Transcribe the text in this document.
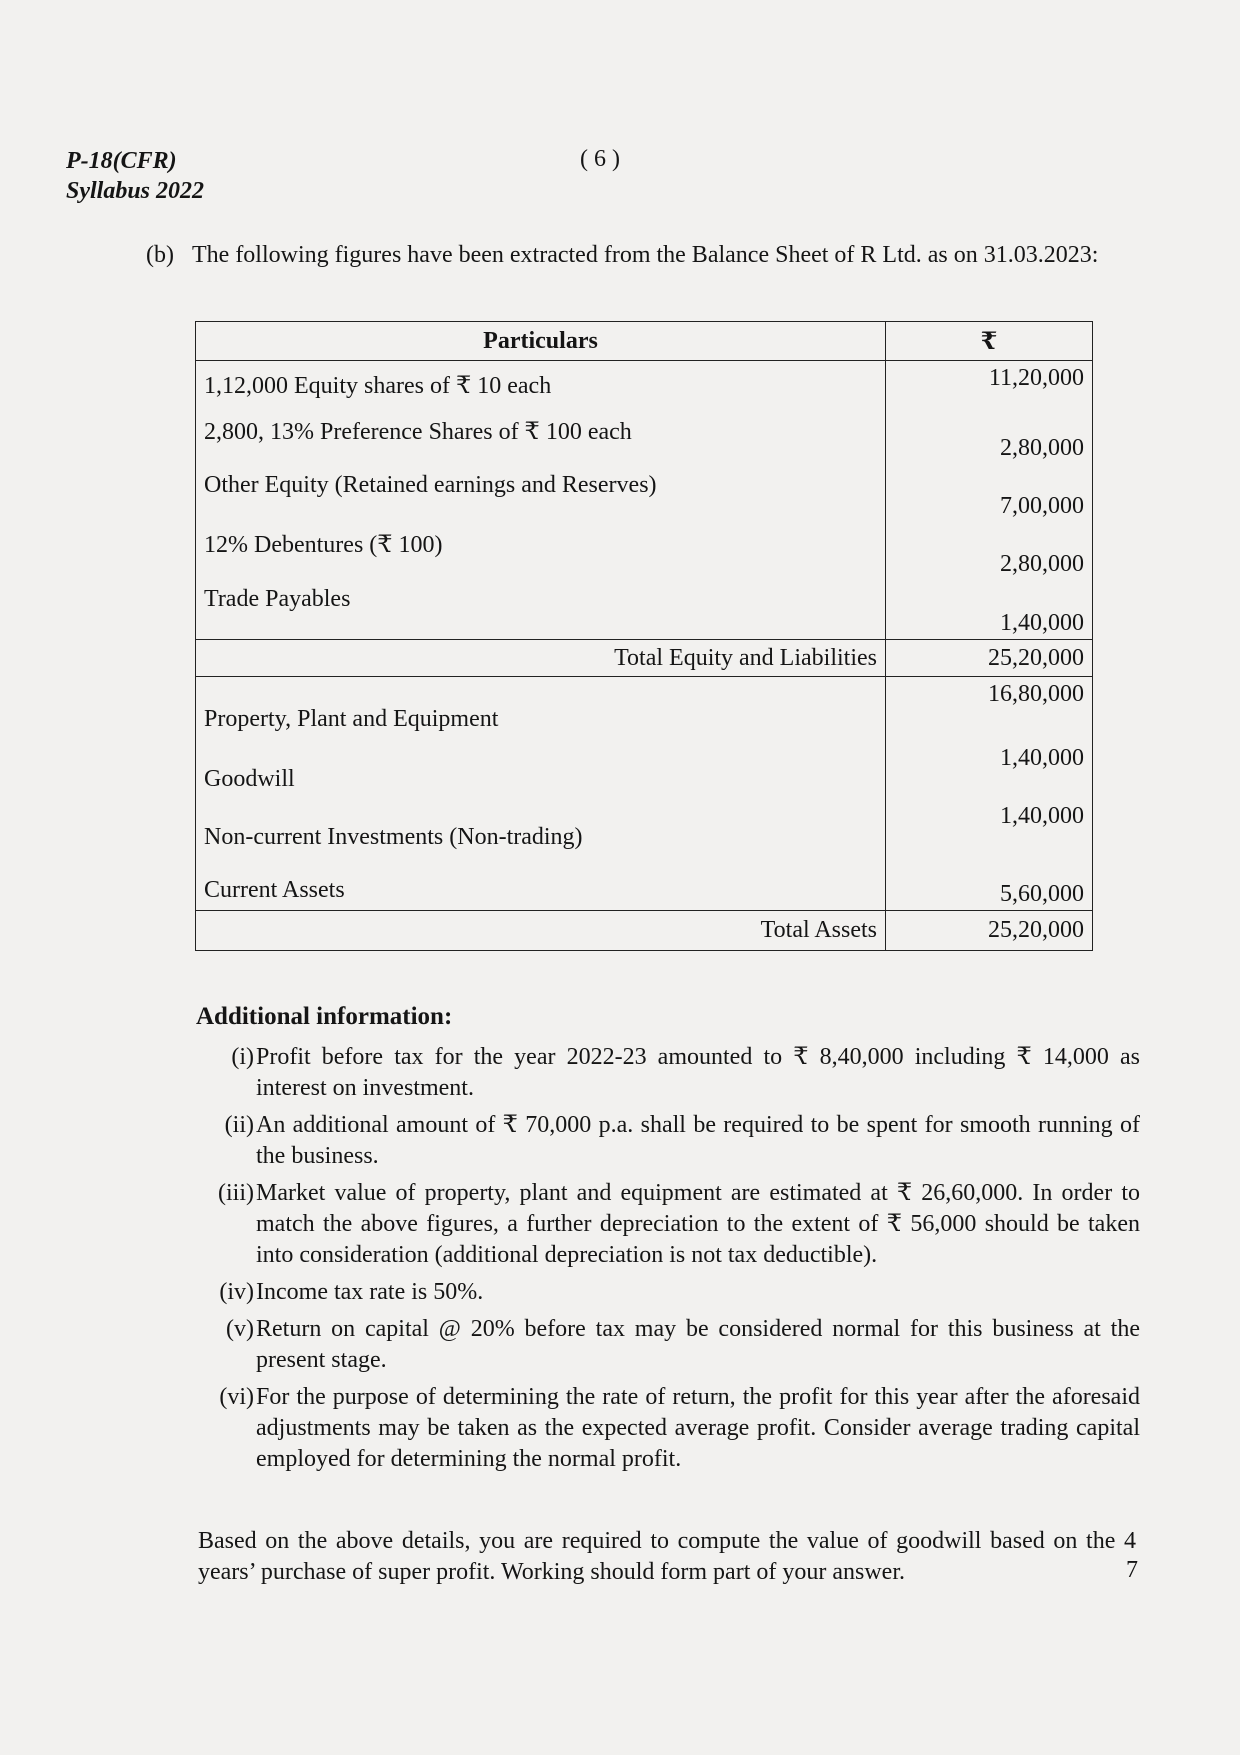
P-18(CFR)
Syllabus 2022
( 6 )
(b) The following figures have been extracted from the Balance Sheet of R Ltd. as on 31.03.2023:
Particulars	₹
1,12,000 Equity shares of ₹ 10 each	11,20,000
2,800, 13% Preference Shares of ₹ 100 each	2,80,000
Other Equity (Retained earnings and Reserves)	7,00,000
12% Debentures (₹ 100)	2,80,000
Trade Payables	1,40,000
Total Equity and Liabilities	25,20,000
Property, Plant and Equipment	16,80,000
Goodwill	1,40,000
Non-current Investments (Non-trading)	1,40,000
Current Assets	5,60,000
Total Assets	25,20,000
Additional information:
(i) Profit before tax for the year 2022-23 amounted to ₹ 8,40,000 including ₹ 14,000 as interest on investment.
(ii) An additional amount of ₹ 70,000 p.a. shall be required to be spent for smooth running of the business.
(iii) Market value of property, plant and equipment are estimated at ₹ 26,60,000. In order to match the above figures, a further depreciation to the extent of ₹ 56,000 should be taken into consideration (additional depreciation is not tax deductible).
(iv) Income tax rate is 50%.
(v) Return on capital @ 20% before tax may be considered normal for this business at the present stage.
(vi) For the purpose of determining the rate of return, the profit for this year after the aforesaid adjustments may be taken as the expected average profit. Consider average trading capital employed for determining the normal profit.
Based on the above details, you are required to compute the value of goodwill based on the 4 years’ purchase of super profit. Working should form part of your answer.	7
